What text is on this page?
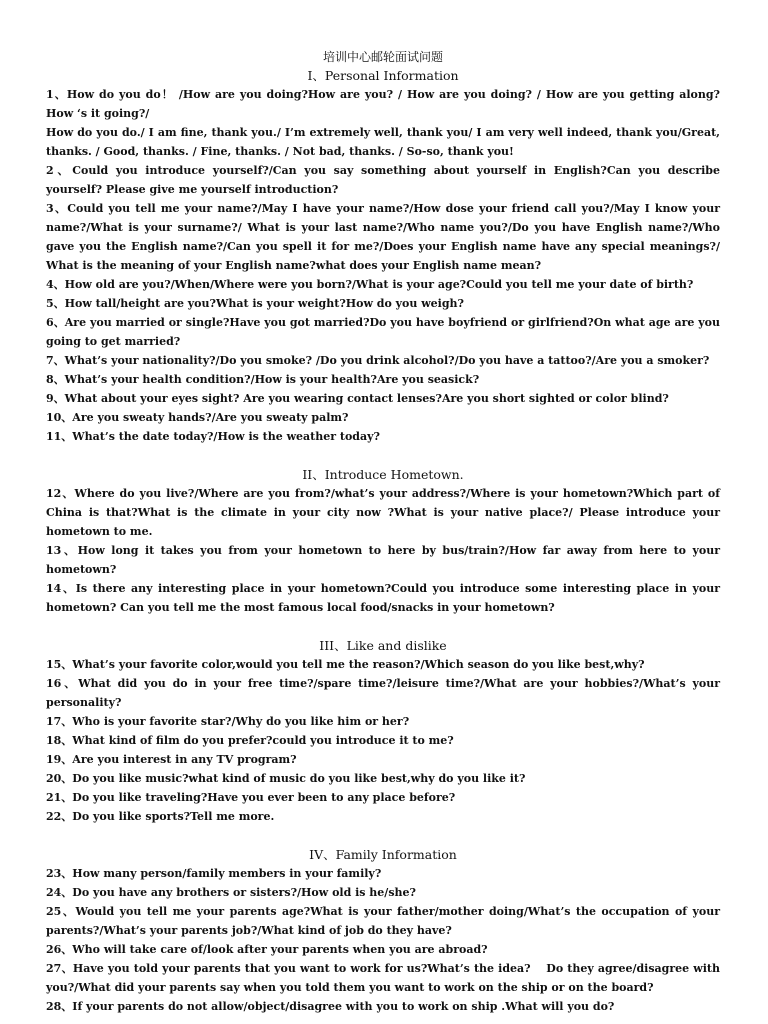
培训中心邮轮面试问题
I、Personal Information

1、How do you do！ /How are you doing?How are you? / How are you doing? / How are you getting along?How ‘s it going?/

How do you do./ I am fine, thank you./ I’m extremely well, thank you/ I am very well indeed, thank you/Great, thanks. / Good, thanks. / Fine, thanks. / Not bad, thanks. / So-so, thank you!

2、Could you introduce yourself?/Can you say something about yourself in English?Can you describe yourself? Please give me yourself introduction?

3、Could you tell me your name?/May I have your name?/How dose your friend call you?/May I know your name?/What is your surname?/ What is your last name?/Who name you?/Do you have English name?/Who gave you the English name?/Can you spell it for me?/Does your English name have any special meanings?/ What is the meaning of your English name?what does your English name mean?

4、How old are you?/When/Where were you born?/What is your age?Could you tell me your date of birth?

5、How tall/height are you?What is your weight?How do you weigh?

6、Are you married or single?Have you got married?Do you have boyfriend or girlfriend?On what age are you going to get married?

7、What’s your nationality?/Do you smoke? /Do you drink alcohol?/Do you have a tattoo?/Are you a smoker?

8、What’s your health condition?/How is your health?Are you seasick?

9、What about your eyes sight? Are you wearing contact lenses?Are you short sighted or color blind?

10、Are you sweaty hands?/Are you sweaty palm?

11、What’s the date today?/How is the weather today?

II、Introduce Hometown.

12、Where do you live?/Where are you from?/what’s your address?/Where is your hometown?Which part of China is that?What is the climate in your city now ?What is your native place?/ Please introduce your hometown to me.

13、How long it takes you from your hometown to here by bus/train?/How far away from here to your hometown?

14、Is there any interesting place in your hometown?Could you introduce some interesting place in your hometown? Can you tell me the most famous local food/snacks in your hometown?

III、Like and dislike

15、What’s your favorite color,would you tell me the reason?/Which season do you like best,why?

16、What did you do in your free time?/spare time?/leisure time?/What are your hobbies?/What’s your personality?

17、Who is your favorite star?/Why do you like him or her?

18、What kind of film do you prefer?could you introduce it to me?

19、Are you interest in any TV program?

20、Do you like music?what kind of music do you like best,why do you like it?

21、Do you like traveling?Have you ever been to any place before?

22、Do you like sports?Tell me more.

IV、Family Information

23、How many person/family members in your family?

24、Do you have any brothers or sisters?/How old is he/she?

25、Would you tell me your parents age?What is your father/mother doing/What’s the occupation of your parents?/What’s your parents job?/What kind of job do they have?

26、Who will take care of/look after your parents when you are abroad?

27、Have you told your parents that you want to work for us?What’s the idea?　 Do they agree/disagree with you?/What did your parents say when you told them you want to work on the ship or on the board?

28、If your parents do not allow/object/disagree with you to work on ship .What will you do?
